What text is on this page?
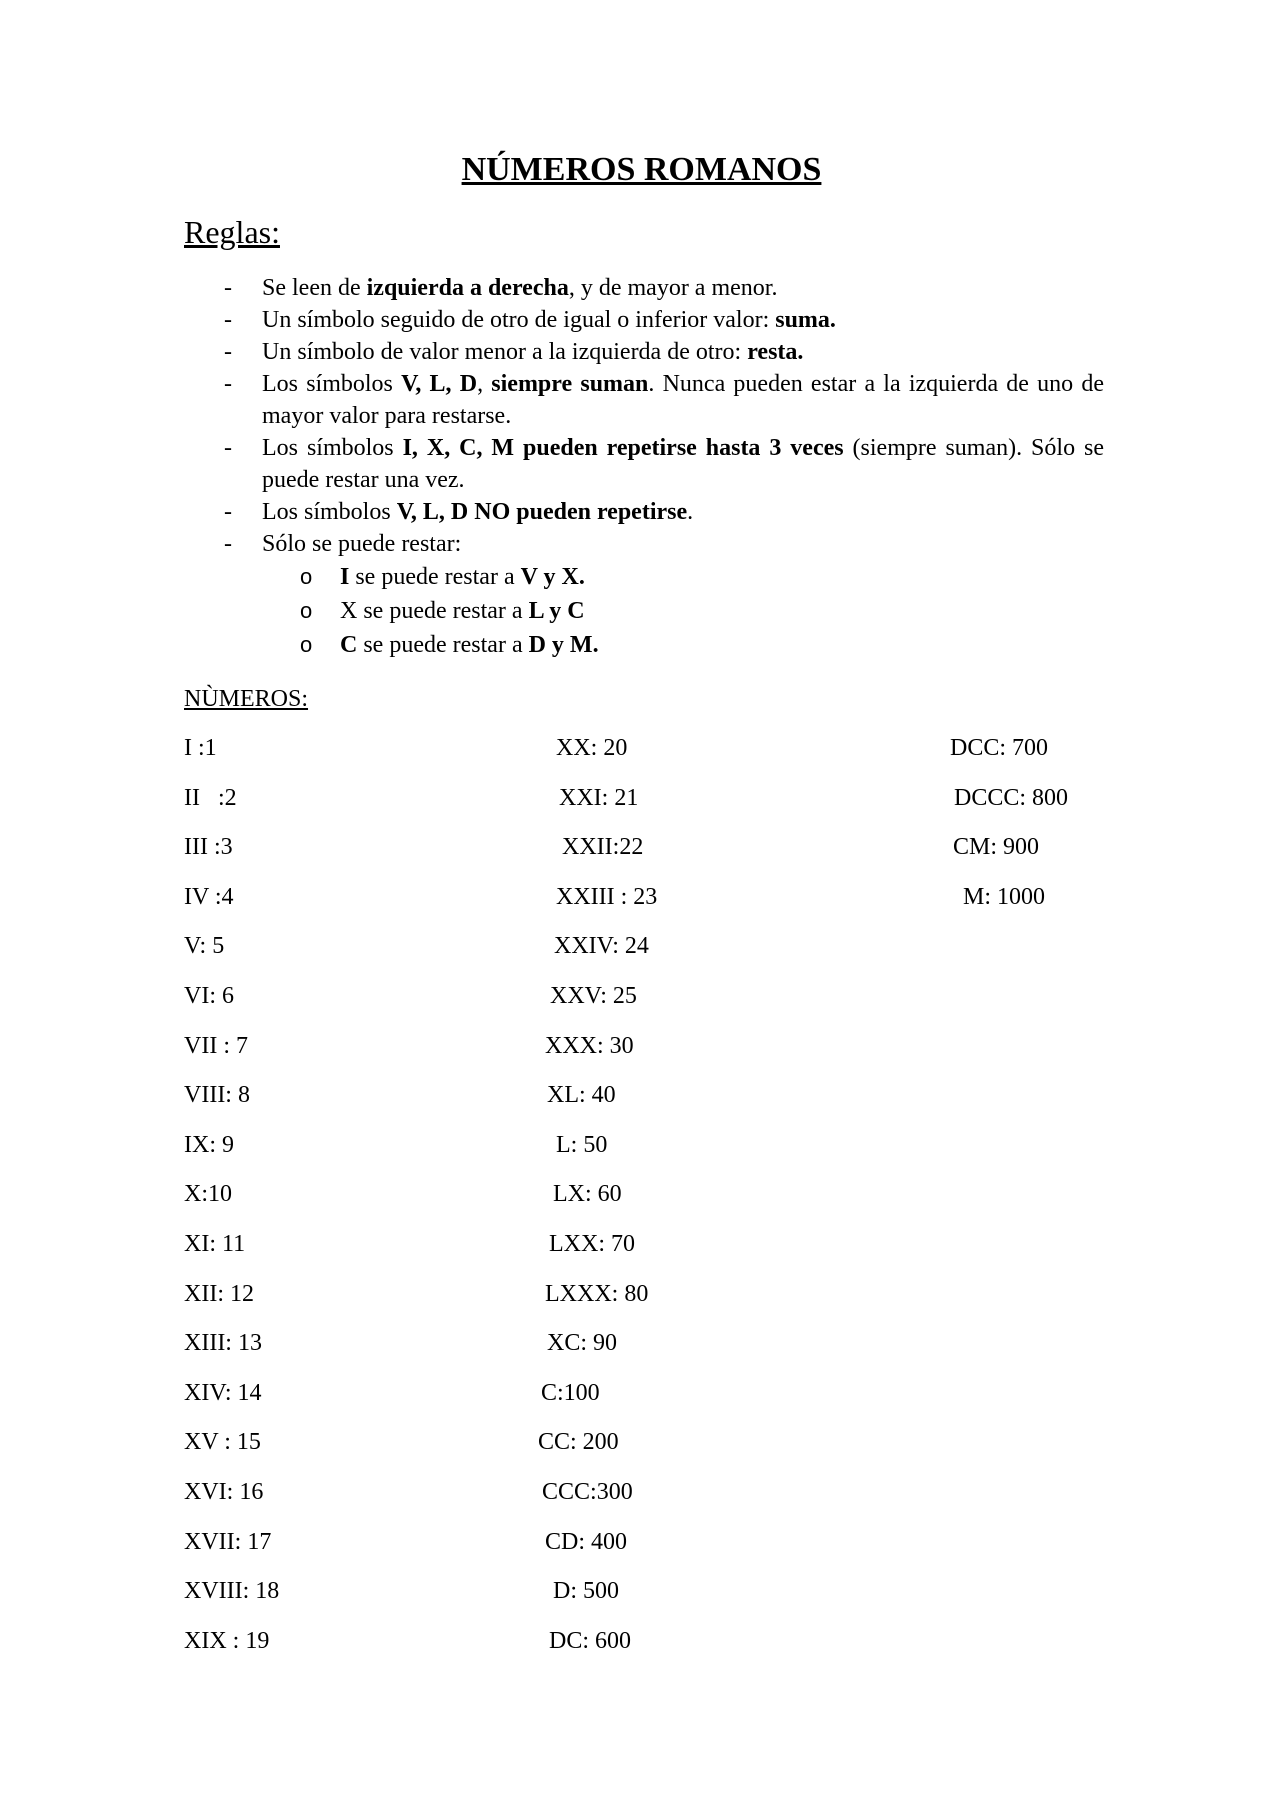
NÚMEROS ROMANOS
Reglas:
- Se leen de izquierda a derecha, y de mayor a menor.
- Un símbolo seguido de otro de igual o inferior valor: suma.
- Un símbolo de valor menor a la izquierda de otro: resta.
- Los símbolos V, L, D, siempre suman. Nunca pueden estar a la izquierda de uno de mayor valor para restarse.
- Los símbolos I, X, C, M pueden repetirse hasta 3 veces (siempre suman). Sólo se puede restar una vez.
- Los símbolos V, L, D NO pueden repetirse.
- Sólo se puede restar:
o I se puede restar a V y X.
o X se puede restar a L y C
o C se puede restar a D y M.
NÙMEROS:
I :1
II   :2
III :3
IV :4
V: 5
VI: 6
VII : 7
VIII: 8
IX: 9
X:10
XI: 11
XII: 12
XIII: 13
XIV: 14
XV : 15
XVI: 16
XVII: 17
XVIII: 18
XIX : 19
XX: 20
XXI: 21
XXII:22
XXIII : 23
XXIV: 24
XXV: 25
XXX: 30
XL: 40
L: 50
LX: 60
LXX: 70
LXXX: 80
XC: 90
C:100
CC: 200
CCC:300
CD: 400
D: 500
DC: 600
DCC: 700
DCCC: 800
CM: 900
M: 1000
